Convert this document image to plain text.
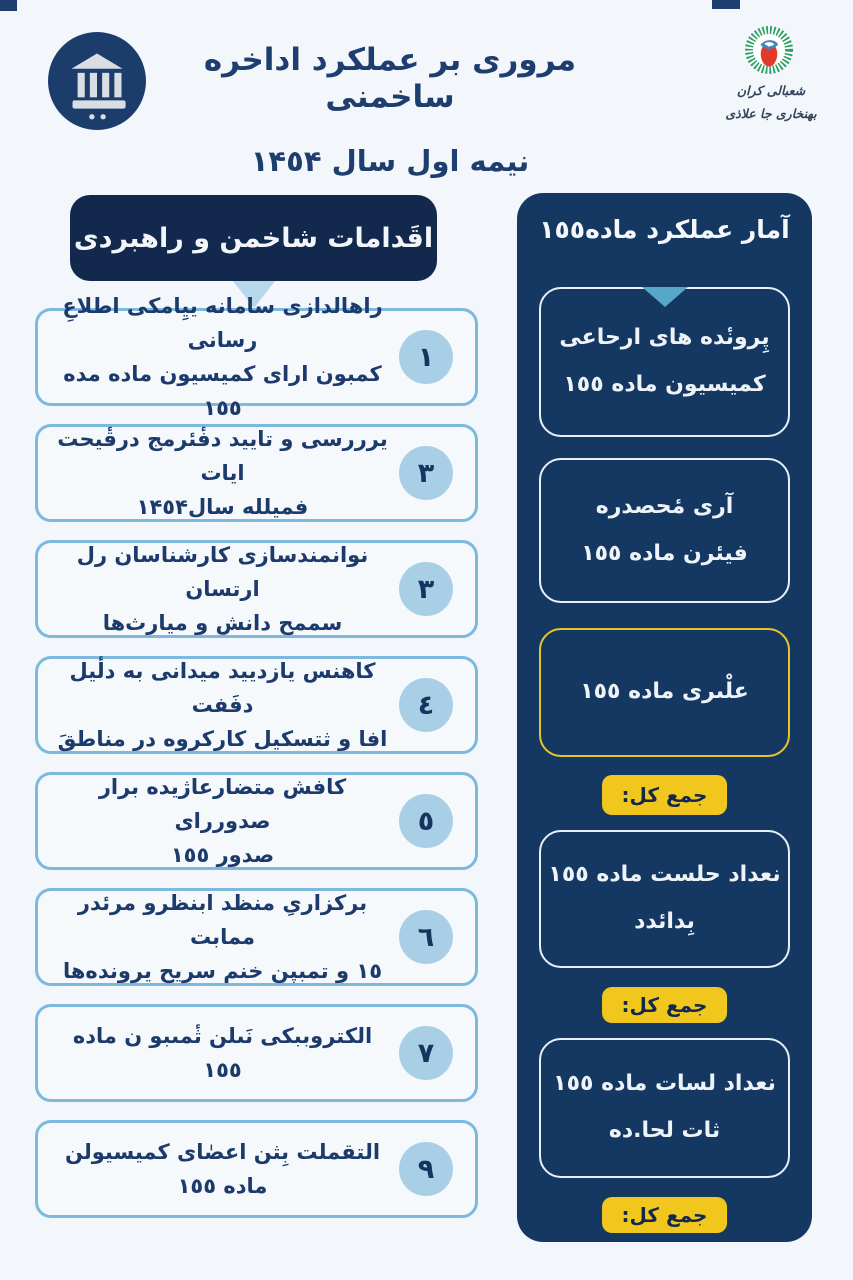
مروری بر عملکرد اداخره ساخمنی
نیمه اول سال ۱۴٥۴
شعبالی کران
بهنخاری جا علاذی
اقَدامات شاخمن و راهبردی
١
راهالدازی سامانه ییِامکی اطلاعِ رسانی
کمبون ارای کمیسیون ماده مده ۱٥٥
٣
یرررسی و تایید دفٔئرمج درقٔیحت ایات
فمیلله سال۱۴٥۴
٣
نوانمندسازی کارشناسان رل ارتسان
سممح دانش و میارث‌ها
٤
کاهنس یازدیید میدانی به دلٔیل دفَفت
افا و ثتسکیل کارکروه در مناطقَ
٥
کافش متضارعاژیده برار صدوررای
صدور ۱٥٥
٦
برکزاریِ منظد ابنظرو مرئدر ممابت
۱٥ و تمبپن خنم سریح یرونده‌ها
٧
الکتروببکی نَىلن ثٔمىبو ن ماده ۱٥٥
٩
التقملت بِثن اعصٰای کمیسیولن ماده ۱٥٥
آمار عملکرد ماده۱٥٥
پِرونٔده های ارحاعی
کمیسیون ماده ۱٥٥
آری مٔحصدره
فیئرن ماده ۱٥٥
علْىری ماده ۱٥٥
جمع کل:
نعداد حلست ماده ۱٥٥
بِدائدد
جمع کل:
نعداد لسات ماده ۱٥٥
ثات لحا.ده
جمع کل:
